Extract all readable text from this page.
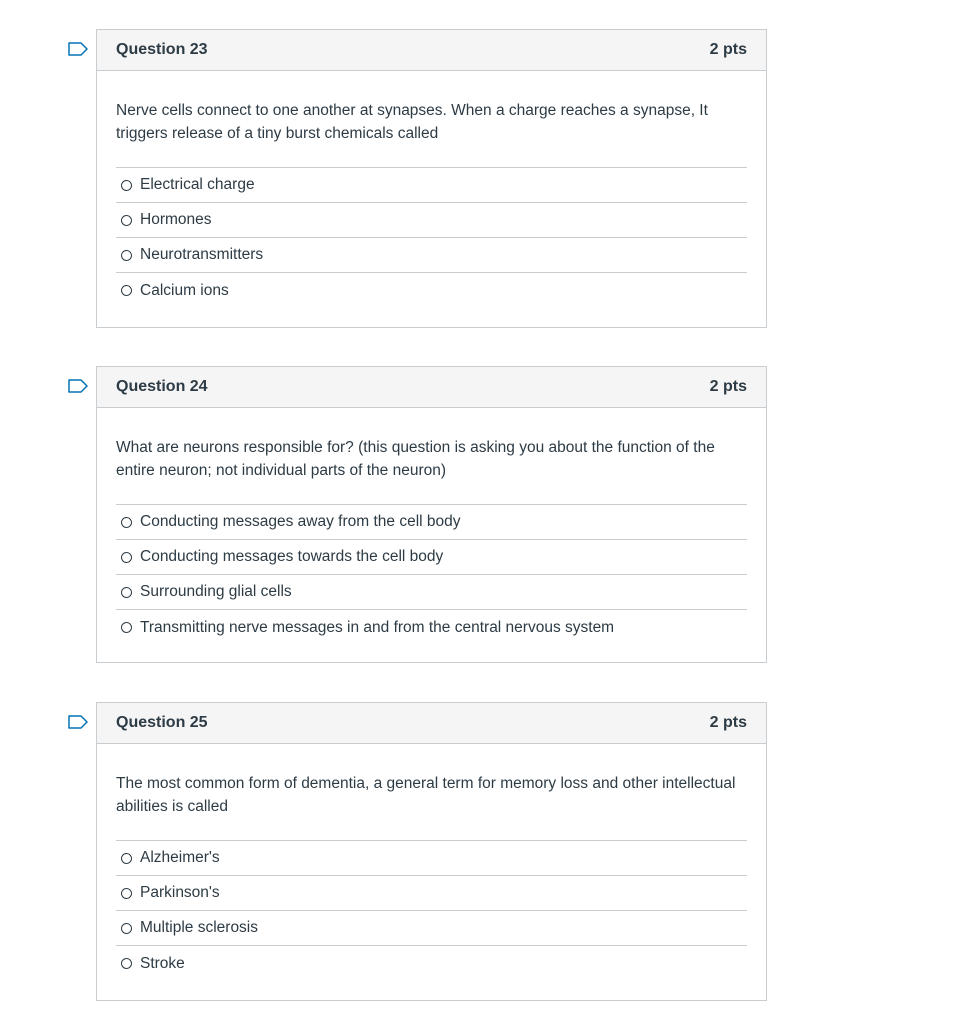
Question 23	2 pts

Nerve cells connect to one another at synapses. When a charge reaches a synapse, It triggers release of a tiny burst chemicals called

Electrical charge
Hormones
Neurotransmitters
Calcium ions
Question 24	2 pts

What are neurons responsible for? (this question is asking you about the function of the entire neuron; not individual parts of the neuron)

Conducting messages away from the cell body
Conducting messages towards the cell body
Surrounding glial cells
Transmitting nerve messages in and from the central nervous system
Question 25	2 pts

The most common form of dementia, a general term for memory loss and other intellectual abilities is called

Alzheimer's
Parkinson's
Multiple sclerosis
Stroke
